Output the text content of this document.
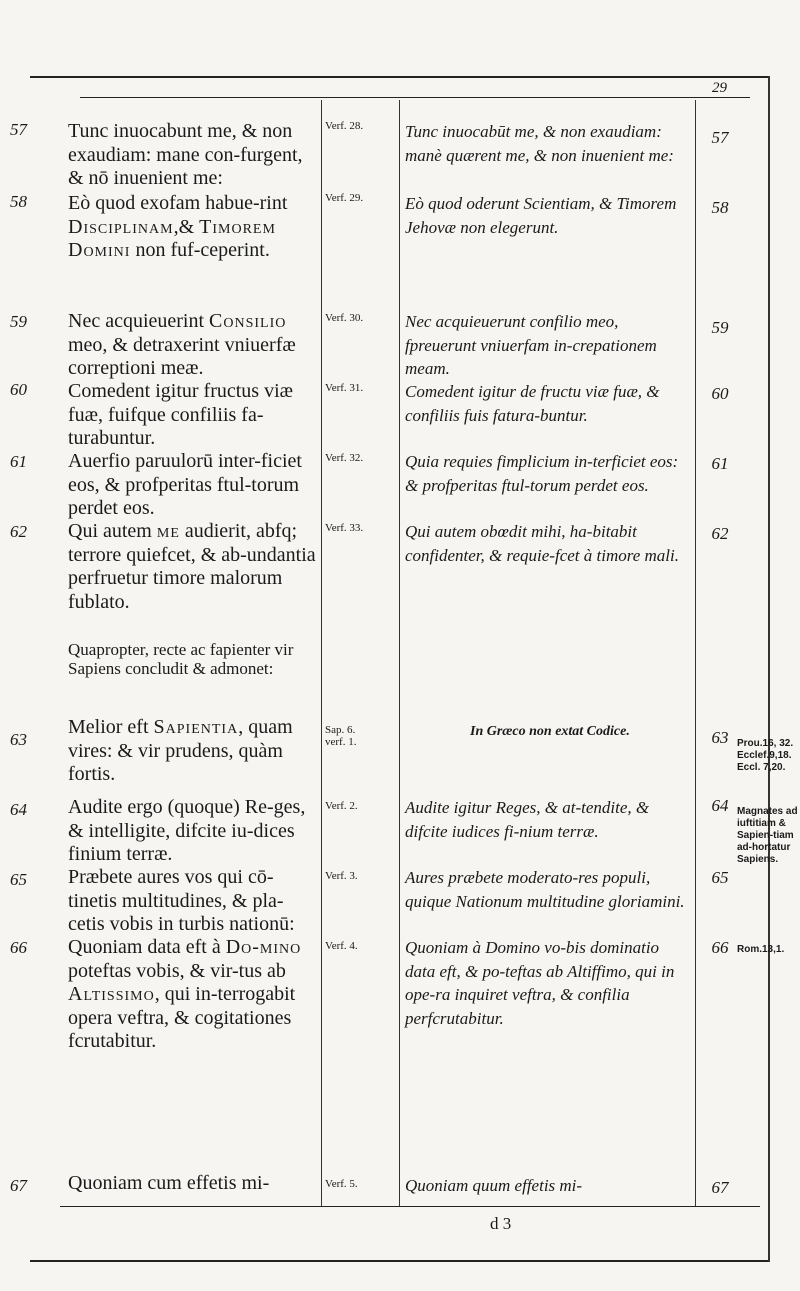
29
57
58
59
60
61
62
63
64
65
66
67
57
58
59
60
61
62
63
64
65
66
67

Tunc inuocabunt me, & non exaudiam: mane con-furgent, & nō inuenient me:

Eò quod exofam habue-rint Disciplinam,& Timorem Domini non fuf-ceperint.

Nec acquieuerint Consilio meo, & detraxerint vniuerfæ correptioni meæ.

Comedent igitur fructus viæ fuæ, fuifque confiliis fa-turabuntur.

Auerfio paruulorū inter-ficiet eos, & profperitas ftul-torum perdet eos.

Qui autem me audierit, abfq; terrore quiefcet, & ab-undantia perfruetur timore malorum fublato.

Quapropter, recte ac fapienter vir Sapiens concludit & admonet:

Melior eft Sapientia, quam vires: & vir prudens, quàm fortis.

Audite ergo (quoque) Re-ges, & intelligite, difcite iu-dices finium terræ.

Præbete aures vos qui cō-tinetis multitudines, & pla-cetis vobis in turbis nationū:

Quoniam data eft à Do-mino poteftas vobis, & vir-tus ab Altissimo, qui in-terrogabit opera veftra, & cogitationes fcrutabitur.

Quoniam cum effetis mi-

Verf. 28.
Verf. 29.
Verf. 30.
Verf. 31.
Verf. 32.
Verf. 33.
Sap. 6. verf. 1.
Verf. 2.
Verf. 3.
Verf. 4.
Verf. 5.
Tunc inuocabūt me, & non exaudiam: manè quærent me, & non inuenient me:
Eò quod oderunt Scientiam, & Timorem Jehovæ non elegerunt.
Nec acquieuerunt confilio meo, fpreuerunt vniuerfam in-crepationem meam.
Comedent igitur de fructu viæ fuæ, & confiliis fuis fatura-buntur.
Quia requies fimplicium in-terficiet eos: & profperitas ftul-torum perdet eos.
Qui autem obœdit mihi, ha-bitabit confidenter, & requie-fcet à timore mali.
In Græco non extat Codice.
Audite igitur Reges, & at-tendite, & difcite iudices fi-nium terræ.
Aures præbete moderato-res populi, quique Nationum multitudine gloriamini.
Quoniam à Domino vo-bis dominatio data eft, & po-teftas ab Altiffimo, qui in ope-ra inquiret veftra, & confilia perfcrutabitur.
Quoniam quum effetis mi-
Prou.16, 32. Ecclef.9,18. Eccl. 7,20.
Magnates ad iuftitiam & Sapien-tiam ad-hortatur Sapiens.
Rom.13,1.
d 3
